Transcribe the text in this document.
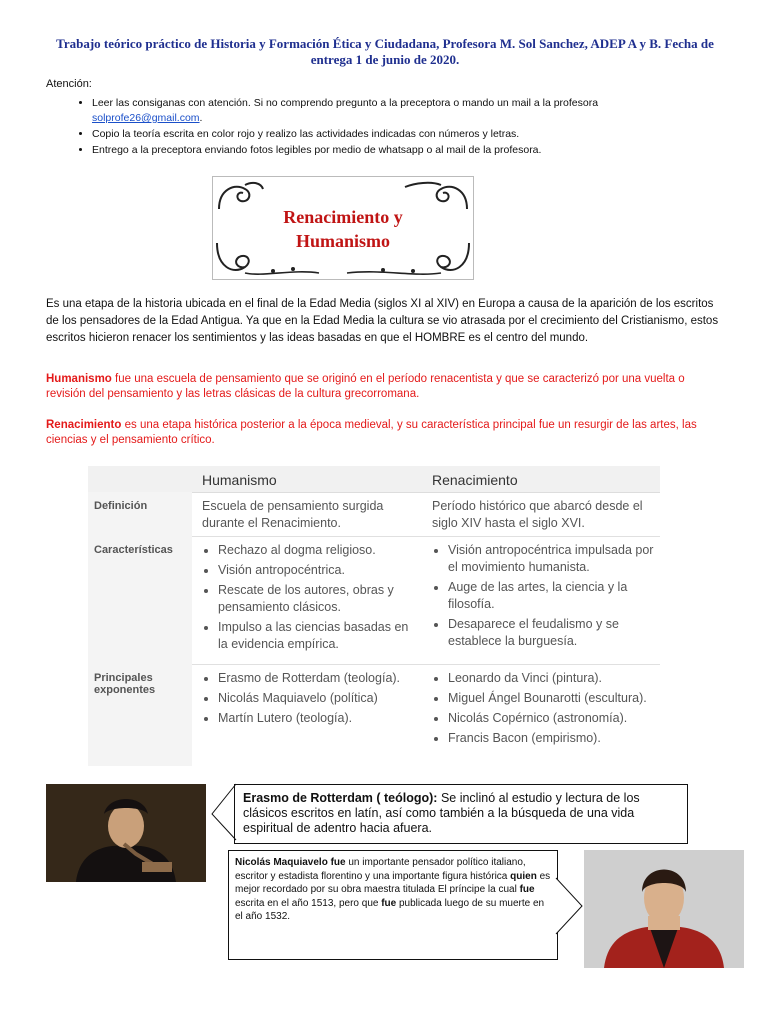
Trabajo teórico práctico de Historia y Formación Ética y Ciudadana, Profesora M. Sol Sanchez, ADEP A y B. Fecha de entrega 1 de junio de 2020.
Atención:
• Leer las consiganas con atención. Si no comprendo pregunto a la preceptora o mando un mail a la profesora
solprofe26@gmail.com.
• Copio la teoría escrita en color rojo y realizo las actividades indicadas con números y letras.
• Entrego a la preceptora enviando fotos legibles por medio de whatsapp o al mail de la profesora.
Renacimiento y
Humanismo
Es una etapa de la historia ubicada en el final de la Edad Media (siglos XI al XIV) en Europa a causa de la aparición de los escritos de los pensadores de la Edad Antigua. Ya que en la Edad Media la cultura se vio atrasada por el crecimiento del Cristianismo, estos escritos hicieron renacer los sentimientos y las ideas basadas en que el HOMBRE es el centro del mundo.
Humanismo fue una escuela de pensamiento que se originó en el período renacentista y que se caracterizó por una vuelta o revisión del pensamiento y las letras clásicas de la cultura grecorromana.
Renacimiento es una etapa histórica posterior a la época medieval, y su característica principal fue un resurgir de las artes, las ciencias y el pensamiento crítico.
Humanismo	Renacimiento
Definición	Escuela de pensamiento surgida durante el Renacimiento.
Período histórico que abarcó desde el siglo XIV hasta el siglo XVI.
Características
•	Rechazo al dogma religioso.
• Visión antropocéntrica.
• Rescate de los autores, obras y pensamiento clásicos.
• Impulso a las ciencias basadas en la evidencia empírica.
• Visión antropocéntrica impulsada por el movimiento humanista.
• Auge de las artes, la ciencia y la filosofía.
• Desaparece el feudalismo y se establece la burguesía.
Principales exponentes
• Erasmo de Rotterdam (teología).
• Nicolás Maquiavelo (política)
• Martín Lutero (teología).
• Leonardo da Vinci (pintura).
• Miguel Ángel Bounarotti (escultura).
• Nicolás Copérnico (astronomía).
• Francis Bacon (empirismo).
Erasmo de Rotterdam ( teólogo): Se inclinó al estudio y lectura de los clásicos escritos en latín, así como también a la búsqueda de una vida espiritual de adentro hacia afuera.
Nicolás Maquiavelo fue un importante pensador político italiano, escritor y estadista florentino y una importante figura histórica quien es mejor recordado por su obra maestra titulada El príncipe la cual fue escrita en el año 1513, pero que fue publicada luego de su muerte en el año 1532.
